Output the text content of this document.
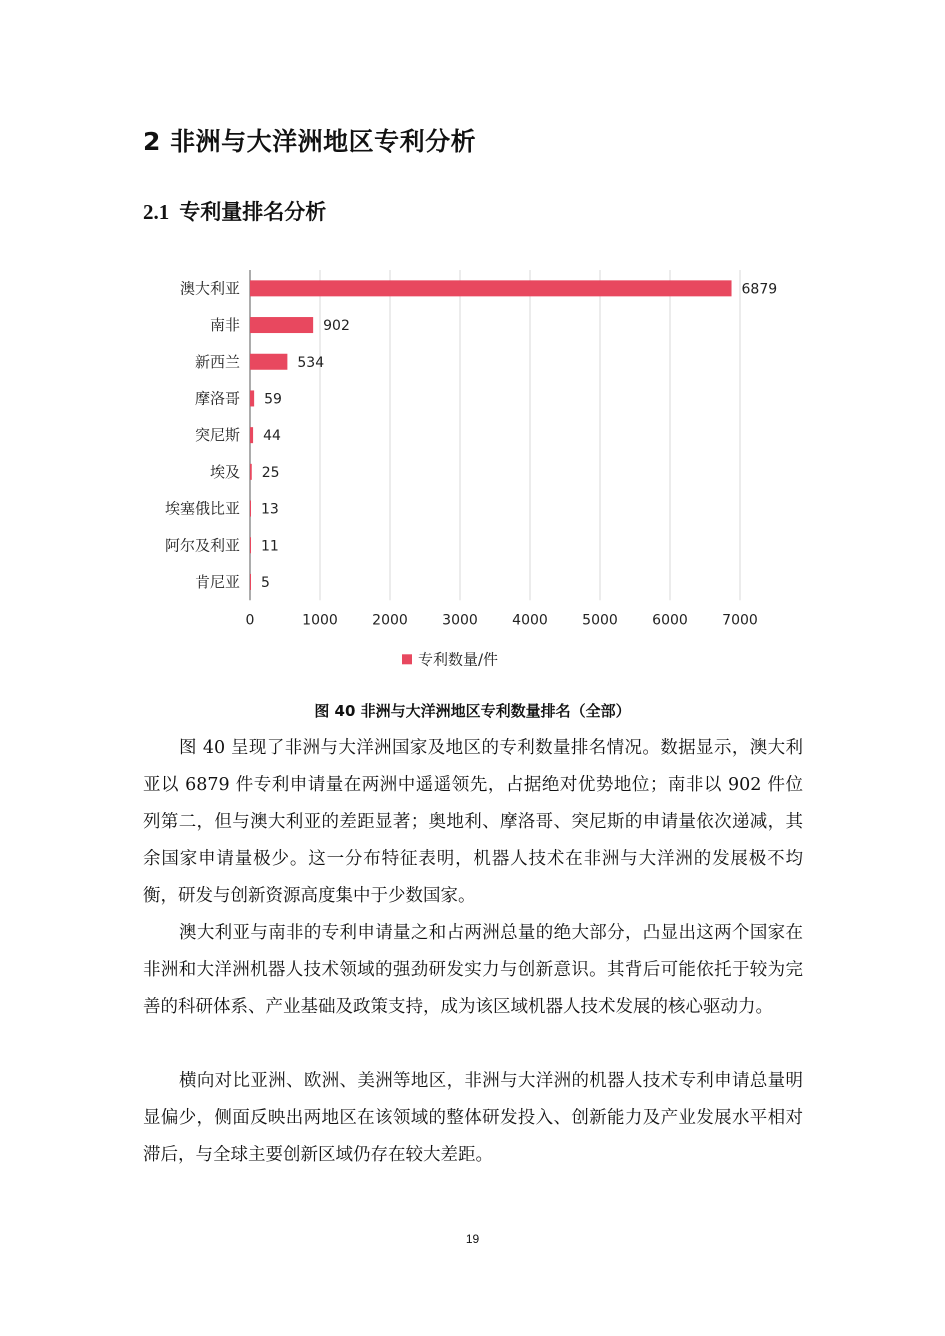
2 非洲与大洋洲地区专利分析
2.1 专利量排名分析
0	1000 2000 3000 4000 5000 6000 7000
澳大利亚	6879
南非	902
新西兰	534
摩洛哥 59
突尼斯 44
埃及 25
埃塞俄比亚 13
阿尔及利亚 11
肯尼亚 5
专利数量/件
图 40 非洲与大洋洲地区专利数量排名（全部）

图 40 呈现了非洲与大洋洲国家及地区的专利数量排名情况。数据显示，澳大利亚以 6879 件专利申请量在两洲中遥遥领先，占据绝对优势地位；南非以 902 件位列第二，但与澳大利亚的差距显著；奥地利、摩洛哥、突尼斯的申请量依次递减，其余国家申请量极少。这一分布特征表明，机器人技术在非洲与大洋洲的发展极不均衡，研发与创新资源高度集中于少数国家。

澳大利亚与南非的专利申请量之和占两洲总量的绝大部分，凸显出这两个国家在非洲和大洋洲机器人技术领域的强劲研发实力与创新意识。其背后可能依托于较为完善的科研体系、产业基础及政策支持，成为该区域机器人技术发展的核心驱动力。

横向对比亚洲、欧洲、美洲等地区，非洲与大洋洲的机器人技术专利申请总量明显偏少，侧面反映出两地区在该领域的整体研发投入、创新能力及产业发展水平相对滞后，与全球主要创新区域仍存在较大差距。

19
